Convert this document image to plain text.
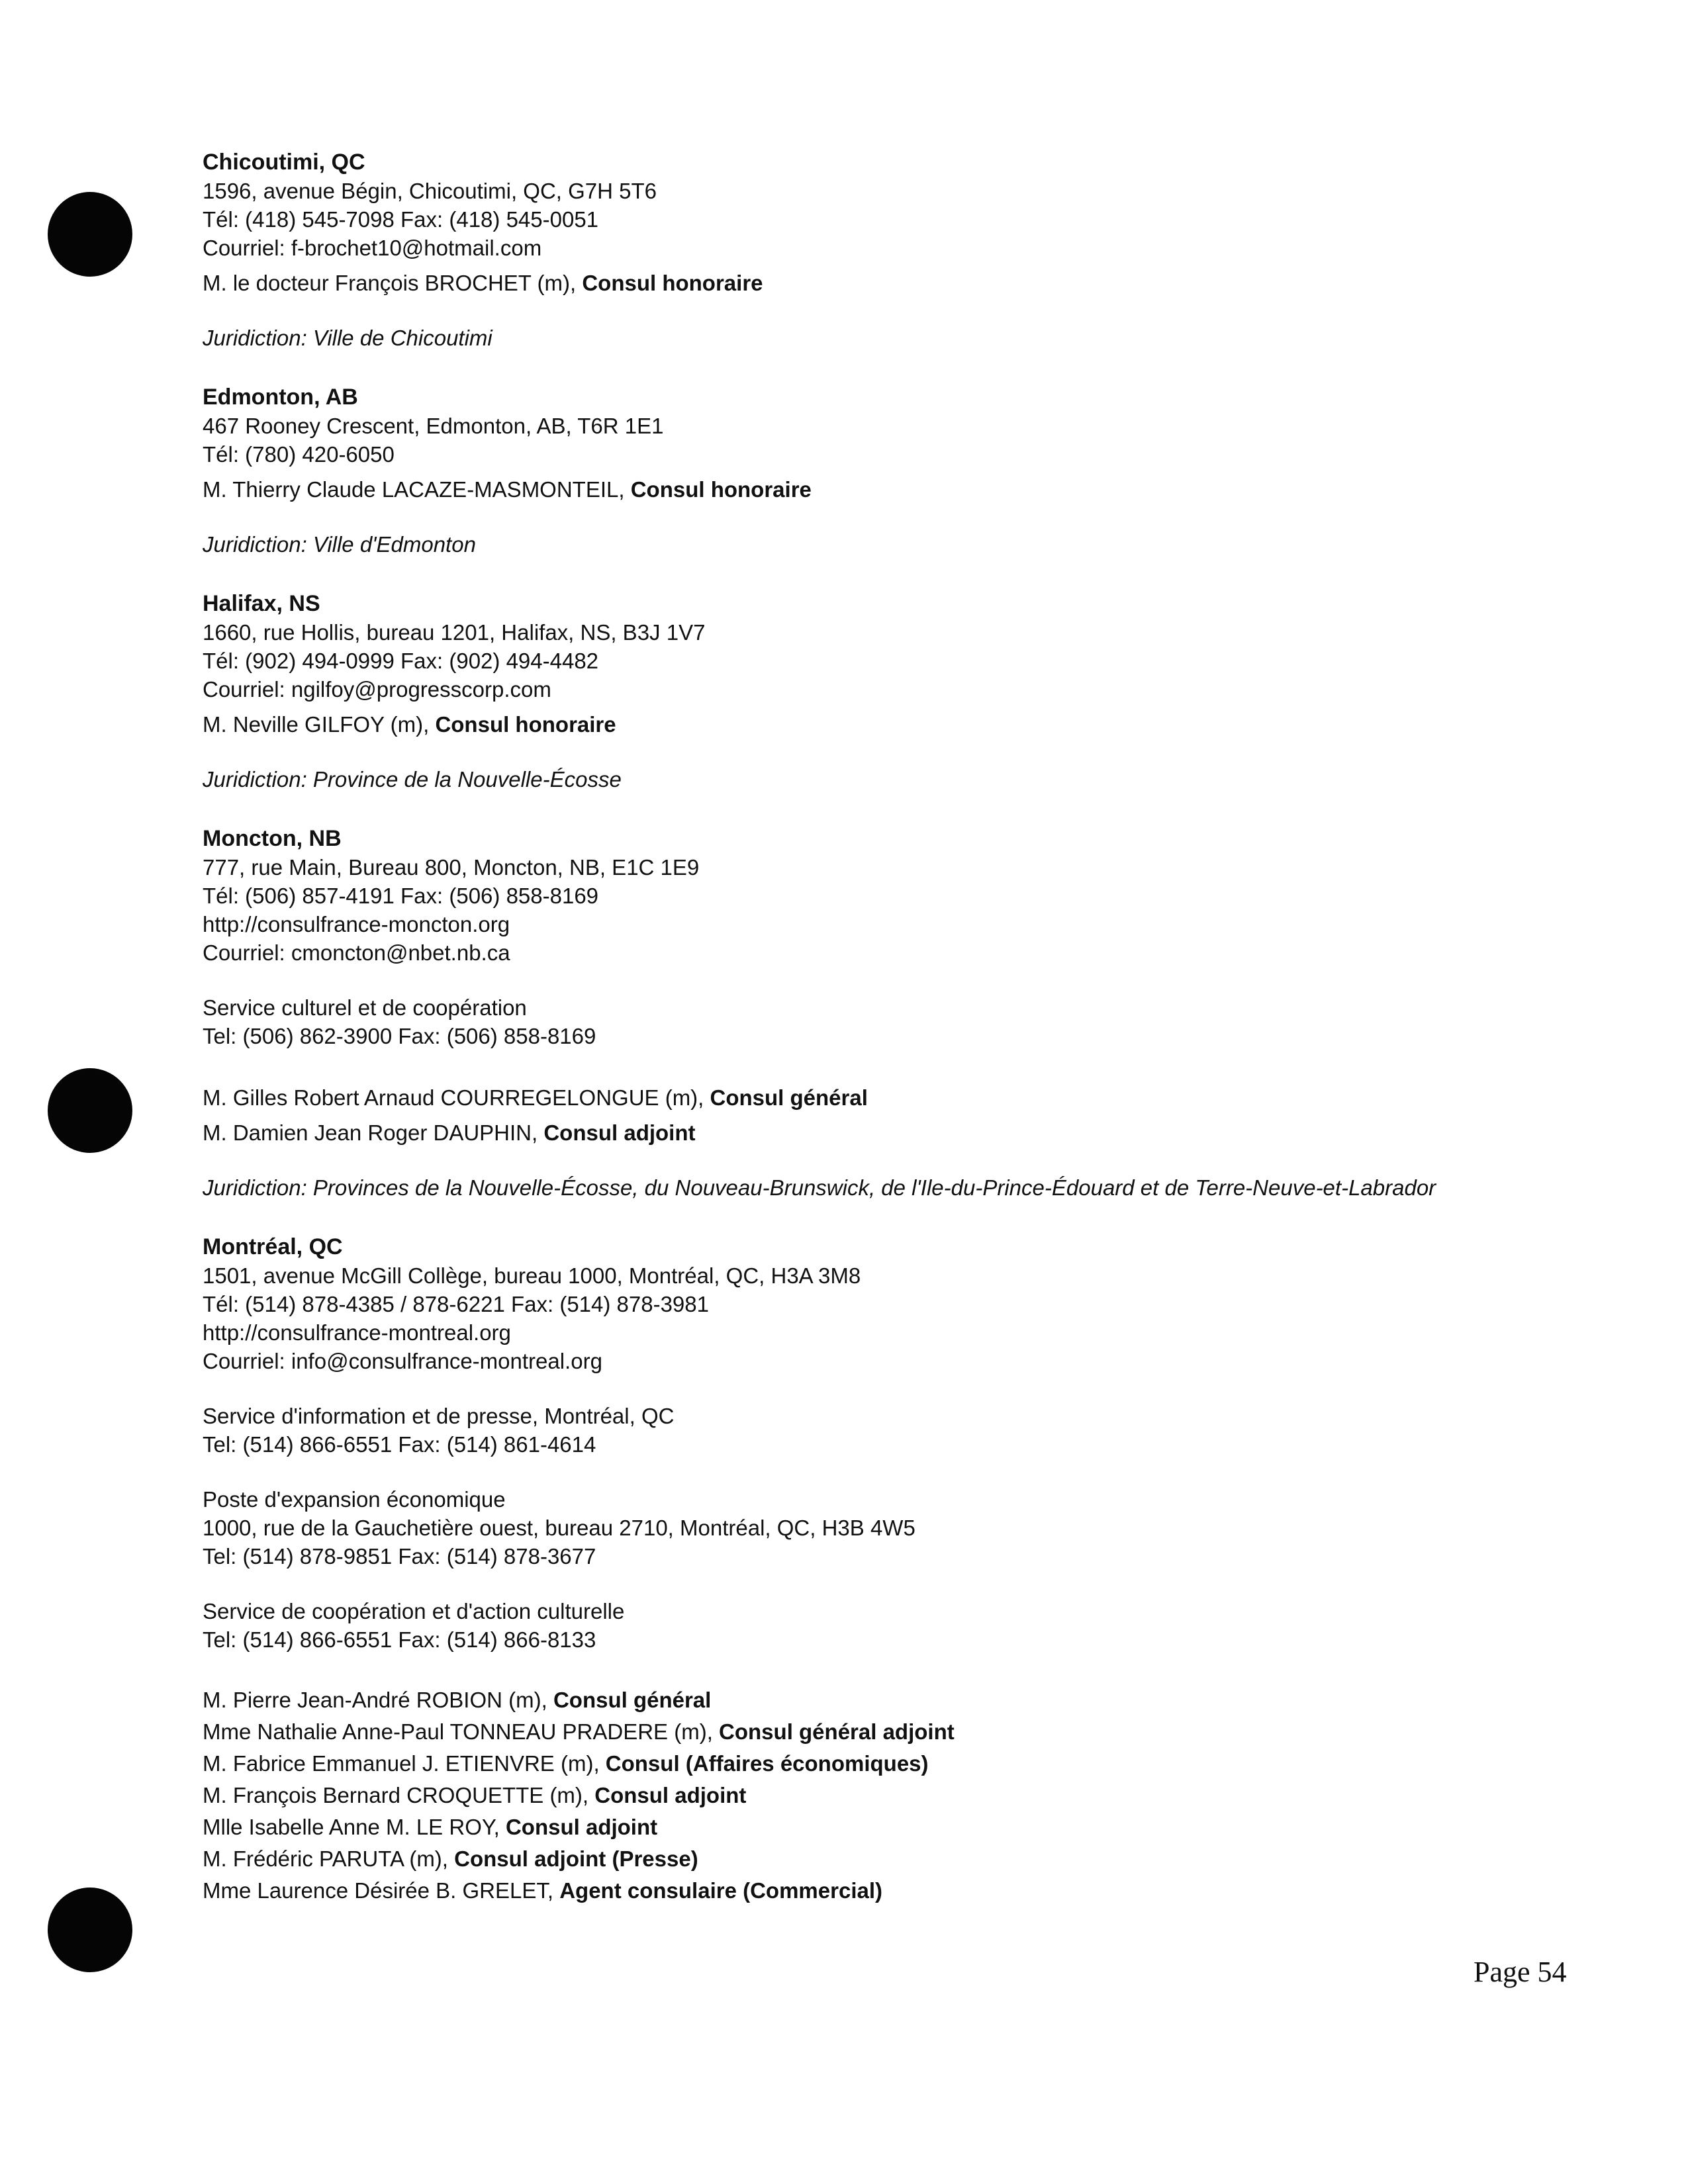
Chicoutimi, QC
1596, avenue Bégin, Chicoutimi, QC, G7H 5T6
Tél: (418) 545-7098 Fax: (418) 545-0051
Courriel: f-brochet10@hotmail.com
M. le docteur François BROCHET (m), Consul honoraire
Juridiction: Ville de Chicoutimi
Edmonton, AB
467 Rooney Crescent, Edmonton, AB, T6R 1E1
Tél: (780) 420-6050
M. Thierry Claude LACAZE-MASMONTEIL, Consul honoraire
Juridiction: Ville d'Edmonton
Halifax, NS
1660, rue Hollis, bureau 1201, Halifax, NS, B3J 1V7
Tél: (902) 494-0999 Fax: (902) 494-4482
Courriel: ngilfoy@progresscorp.com
M. Neville GILFOY (m), Consul honoraire
Juridiction: Province de la Nouvelle-Écosse
Moncton, NB
777, rue Main, Bureau 800, Moncton, NB, E1C 1E9
Tél: (506) 857-4191 Fax: (506) 858-8169
http://consulfrance-moncton.org
Courriel: cmoncton@nbet.nb.ca
Service culturel et de coopération
Tel: (506) 862-3900 Fax: (506) 858-8169
M. Gilles Robert Arnaud COURREGELONGUE (m), Consul général
M. Damien Jean Roger DAUPHIN, Consul adjoint
Juridiction: Provinces de la Nouvelle-Écosse, du Nouveau-Brunswick, de l'Ile-du-Prince-Édouard et de Terre-Neuve-et-Labrador
Montréal, QC
1501, avenue McGill Collège, bureau 1000, Montréal, QC, H3A 3M8
Tél: (514) 878-4385 / 878-6221 Fax: (514) 878-3981
http://consulfrance-montreal.org
Courriel: info@consulfrance-montreal.org
Service d'information et de presse, Montréal, QC
Tel: (514) 866-6551 Fax: (514) 861-4614
Poste d'expansion économique
1000, rue de la Gauchetière ouest, bureau 2710, Montréal, QC, H3B 4W5
Tel: (514) 878-9851 Fax: (514) 878-3677
Service de coopération et d'action culturelle
Tel: (514) 866-6551 Fax: (514) 866-8133
M. Pierre Jean-André ROBION (m), Consul général
Mme Nathalie Anne-Paul TONNEAU PRADERE (m), Consul général adjoint
M. Fabrice Emmanuel J. ETIENVRE (m), Consul (Affaires économiques)
M. François Bernard CROQUETTE (m), Consul adjoint
Mlle Isabelle Anne M. LE ROY, Consul adjoint
M. Frédéric PARUTA (m), Consul adjoint (Presse)
Mme Laurence Désirée B. GRELET, Agent consulaire (Commercial)
Page 54
